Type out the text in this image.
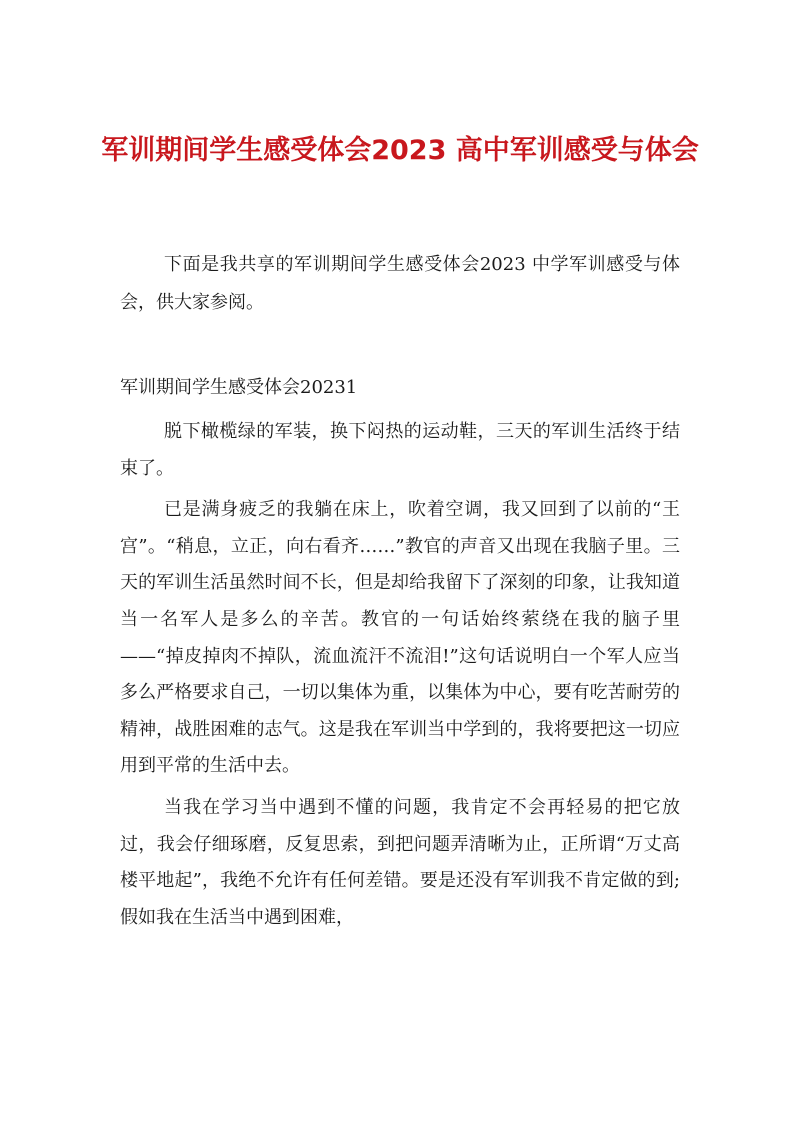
军训期间学生感受体会2023 高中军训感受与体会
下面是我共享的军训期间学生感受体会2023 中学军训感受与体会，供大家参阅。
军训期间学生感受体会20231

脱下橄榄绿的军装，换下闷热的运动鞋，三天的军训生活终于结束了。

已是满身疲乏的我躺在床上，吹着空调，我又回到了以前的“王宫”。“稍息，立正，向右看齐……”教官的声音又出现在我脑子里。三天的军训生活虽然时间不长，但是却给我留下了深刻的印象，让我知道当一名军人是多么的辛苦。教官的一句话始终萦绕在我的脑子里——“掉皮掉肉不掉队，流血流汗不流泪!”这句话说明白一个军人应当多么严格要求自己，一切以集体为重，以集体为中心，要有吃苦耐劳的精神，战胜困难的志气。这是我在军训当中学到的，我将要把这一切应用到平常的生活中去。

当我在学习当中遇到不懂的问题，我肯定不会再轻易的把它放过，我会仔细琢磨，反复思索，到把问题弄清晰为止，正所谓“万丈高楼平地起”，我绝不允许有任何差错。要是还没有军训我不肯定做的到;假如我在生活当中遇到困难，
